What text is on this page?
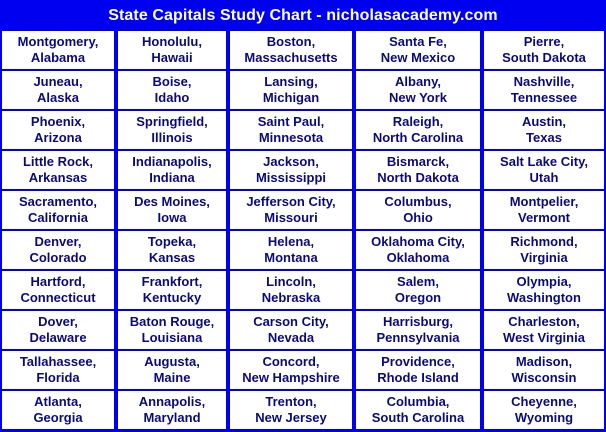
State Capitals Study Chart - nicholasacademy.com
Montgomery,
Alabama
Honolulu,
Hawaii
Boston,
Massachusetts
Santa Fe,
New Mexico
Pierre,
South Dakota
Juneau,
Alaska
Boise,
Idaho
Lansing,
Michigan
Albany,
New York
Nashville,
Tennessee
Phoenix,
Arizona
Springfield,
Illinois
Saint Paul,
Minnesota
Raleigh,
North Carolina
Austin,
Texas
Little Rock,
Arkansas
Indianapolis,
Indiana
Jackson,
Mississippi
Bismarck,
North Dakota
Salt Lake City,
Utah
Sacramento,
California
Des Moines,
Iowa
Jefferson City,
Missouri
Columbus,
Ohio
Montpelier,
Vermont
Denver,
Colorado
Topeka,
Kansas
Helena,
Montana
Oklahoma City,
Oklahoma
Richmond,
Virginia
Hartford,
Connecticut
Frankfort,
Kentucky
Lincoln,
Nebraska
Salem,
Oregon
Olympia,
Washington
Dover,
Delaware
Baton Rouge,
Louisiana
Carson City,
Nevada
Harrisburg,
Pennsylvania
Charleston,
West Virginia
Tallahassee,
Florida
Augusta,
Maine
Concord,
New Hampshire
Providence,
Rhode Island
Madison,
Wisconsin
Atlanta,
Georgia
Annapolis,
Maryland
Trenton,
New Jersey
Columbia,
South Carolina
Cheyenne,
Wyoming
